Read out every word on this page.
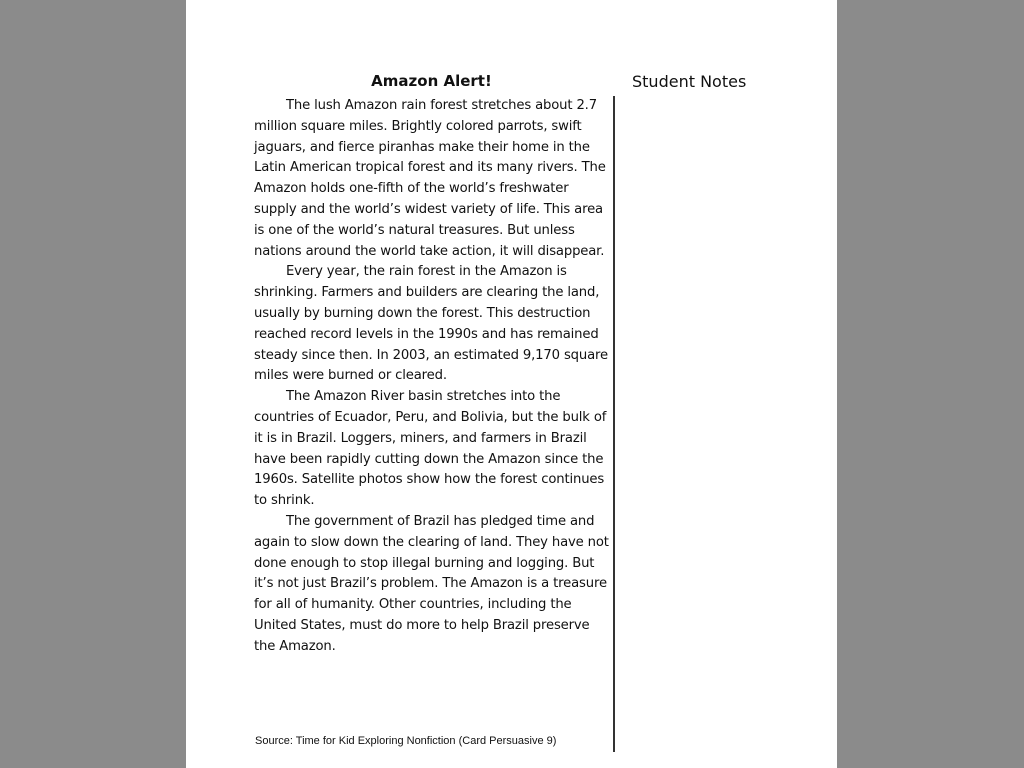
Amazon Alert!

The lush Amazon rain forest stretches about 2.7 million square miles. Brightly colored parrots, swift jaguars, and fierce piranhas make their home in the Latin American tropical forest and its many rivers. The Amazon holds one-fifth of the world’s freshwater supply and the world’s widest variety of life. This area is one of the world’s natural treasures. But unless nations around the world take action, it will disappear.

Every year, the rain forest in the Amazon is shrinking. Farmers and builders are clearing the land, usually by burning down the forest. This destruction reached record levels in the 1990s and has remained steady since then. In 2003, an estimated 9,170 square miles were burned or cleared.

The Amazon River basin stretches into the countries of Ecuador, Peru, and Bolivia, but the bulk of it is in Brazil. Loggers, miners, and farmers in Brazil have been rapidly cutting down the Amazon since the 1960s. Satellite photos show how the forest continues to shrink.

The government of Brazil has pledged time and again to slow down the clearing of land. They have not done enough to stop illegal burning and logging. But it’s not just Brazil’s problem. The Amazon is a treasure for all of humanity. Other countries, including the United States, must do more to help Brazil preserve the Amazon.

Student Notes
Source: Time for Kid Exploring Nonfiction (Card Persuasive 9)
